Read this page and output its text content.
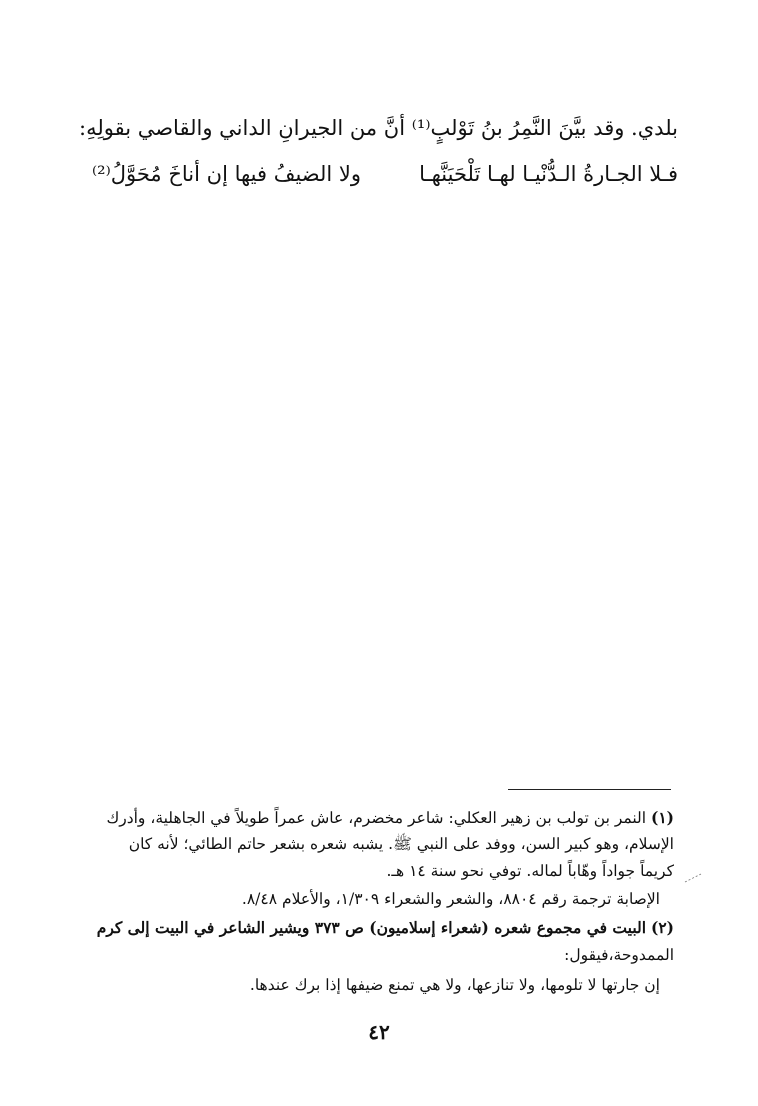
بلدي. وقد بيَّنَ النَّمِرُ بنُ تَوْلبٍ⁽¹⁾ أنَّ من الجيرانِ الداني والقاصي بقولِهِ:
فـلا الجـارةُ الـدُّنْيـا لهـا تَلْحَيَنَّهـا
ولا الضيفُ فيها إن أناخَ مُحَوَّلُ⁽²⁾
(١) النمر بن تولب بن زهير العكلي: شاعر مخضرم، عاش عمراً طويلاً في الجاهلية، وأدرك
الإسلام، وهو كبير السن، ووفد على النبي ﷺ. يشبه شعره بشعر حاتم الطائي؛ لأنه كان
كريماً جواداً وهّاباً لماله. توفي نحو سنة ١٤ هـ.
الإصابة ترجمة رقم ٨٨٠٤، والشعر والشعراء ١/٣٠٩، والأعلام ٨/٤٨.
(٢) البيت في مجموع شعره (شعراء إسلاميون) ص ٣٧٣ ويشير الشاعر في البيت إلى كرم
الممدوحة،فيقول:
إن جارتها لا تلومها، ولا تنازعها، ولا هي تمنع ضيفها إذا برك عندها.
٤٢
